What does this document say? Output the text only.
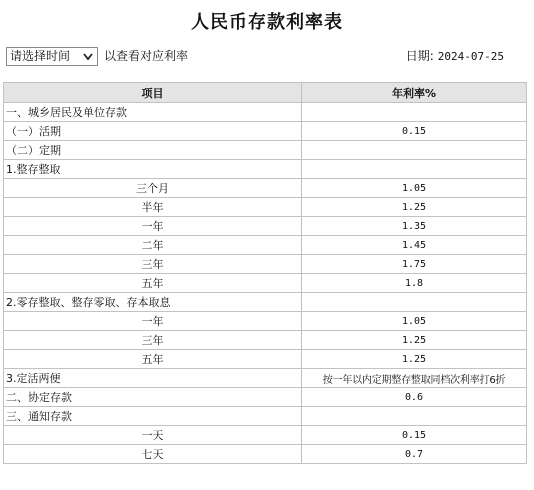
人民币存款利率表
请选择时间	以查看对应利率	日期: 2024-07-25
项目	年利率%
一、城乡居民及单位存款	
（一）活期	0.15
（二）定期	
1.整存整取	
三个月	1.05
半年	1.25
一年	1.35
二年	1.45
三年	1.75
五年	1.8
2.零存整取、整存零取、存本取息	
一年	1.05
三年	1.25
五年	1.25
3.定活两便	按一年以内定期整存整取同档次利率打6折
二、协定存款	0.6
三、通知存款	
一天	0.15
七天	0.7
